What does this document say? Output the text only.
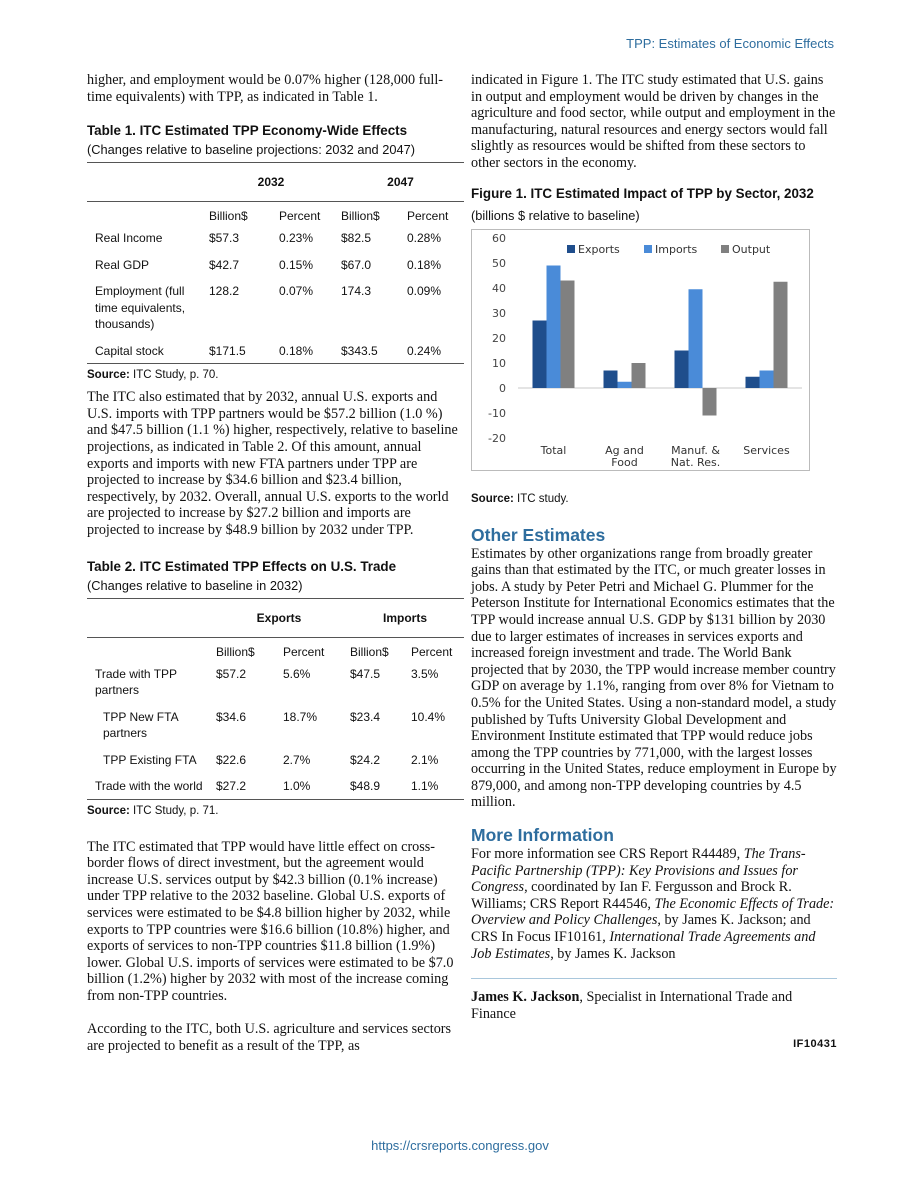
TPP: Estimates of Economic Effects

higher, and employment would be 0.07% higher (128,000 full-time equivalents) with TPP, as indicated in Table 1.

Table 1. ITC Estimated TPP Economy-Wide Effects
(Changes relative to baseline projections: 2032 and 2047)
	2032		2047	
	Billion$	Percent	Billion$	Percent
Real Income	$57.3	0.23%	$82.5	0.28%
Real GDP	$42.7	0.15%	$67.0	0.18%
Employment (full time equivalents, thousands)	128.2	0.07%	174.3	0.09%
Capital stock	$171.5	0.18%	$343.5	0.24%
Source: ITC Study, p. 70.

The ITC also estimated that by 2032, annual U.S. exports and U.S. imports with TPP partners would be $57.2 billion (1.0 %) and $47.5 billion (1.1 %) higher, respectively, relative to baseline projections, as indicated in Table 2. Of this amount, annual exports and imports with new FTA partners under TPP are projected to increase by $34.6 billion and $23.4 billion, respectively, by 2032. Overall, annual U.S. exports to the world are projected to increase by $27.2 billion and imports are projected to increase by $48.9 billion by 2032 under TPP.

Table 2. ITC Estimated TPP Effects on U.S. Trade
(Changes relative to baseline in 2032)
	Exports		Imports	
	Billion$	Percent	Billion$	Percent
Trade with TPP partners	$57.2	5.6%	$47.5	3.5%
TPP New FTA partners	$34.6	18.7%	$23.4	10.4%
TPP Existing FTA	$22.6	2.7%	$24.2	2.1%
Trade with the world	$27.2	1.0%	$48.9	1.1%
Source: ITC Study, p. 71.

The ITC estimated that TPP would have little effect on cross-border flows of direct investment, but the agreement would increase U.S. services output by $42.3 billion (0.1% increase) under TPP relative to the 2032 baseline. Global U.S. exports of services were estimated to be $4.8 billion higher by 2032, while exports to TPP countries were $16.6 billion (10.8%) higher, and exports of services to non-TPP countries $11.8 billion (1.9%) lower. Global U.S. imports of services were estimated to be $7.0 billion (1.2%) higher by 2032 with most of the increase coming from non-TPP countries.

According to the ITC, both U.S. agriculture and services sectors are projected to benefit as a result of the TPP, as

indicated in Figure 1. The ITC study estimated that U.S. gains in output and employment would be driven by changes in the agriculture and food sector, while output and employment in the manufacturing, natural resources and energy sectors would fall slightly as resources would be shifted from these sectors to other sectors in the economy.

Figure 1. ITC Estimated Impact of TPP by Sector, 2032
(billions $ relative to baseline)
60
50
40
30
20
10
0
-10
-20
Total	Ag and
Food
Manuf. &
Nat. Res.
Services
Exports	Imports	Output
Source: ITC study.
Other Estimates

Estimates by other organizations range from broadly greater gains than that estimated by the ITC, or much greater losses in jobs. A study by Peter Petri and Michael G. Plummer for the Peterson Institute for International Economics estimates that the TPP would increase annual U.S. GDP by $131 billion by 2030 due to larger estimates of increases in services exports and increased foreign investment and trade. The World Bank projected that by 2030, the TPP would increase member country GDP on average by 1.1%, ranging from over 8% for Vietnam to 0.5% for the United States. Using a non-standard model, a study published by Tufts University Global Development and Environment Institute estimated that TPP would reduce jobs among the TPP countries by 771,000, with the largest losses occurring in the United States, reduce employment in Europe by 879,000, and among non-TPP developing countries by 4.5 million.

More Information

For more information see CRS Report R44489, The Trans-Pacific Partnership (TPP): Key Provisions and Issues for Congress, coordinated by Ian F. Fergusson and Brock R. Williams; CRS Report R44546, The Economic Effects of Trade: Overview and Policy Challenges, by James K. Jackson; and CRS In Focus IF10161, International Trade Agreements and Job Estimates, by James K. Jackson

James K. Jackson, Specialist in International Trade and Finance

IF10431
https://crsreports.congress.gov
